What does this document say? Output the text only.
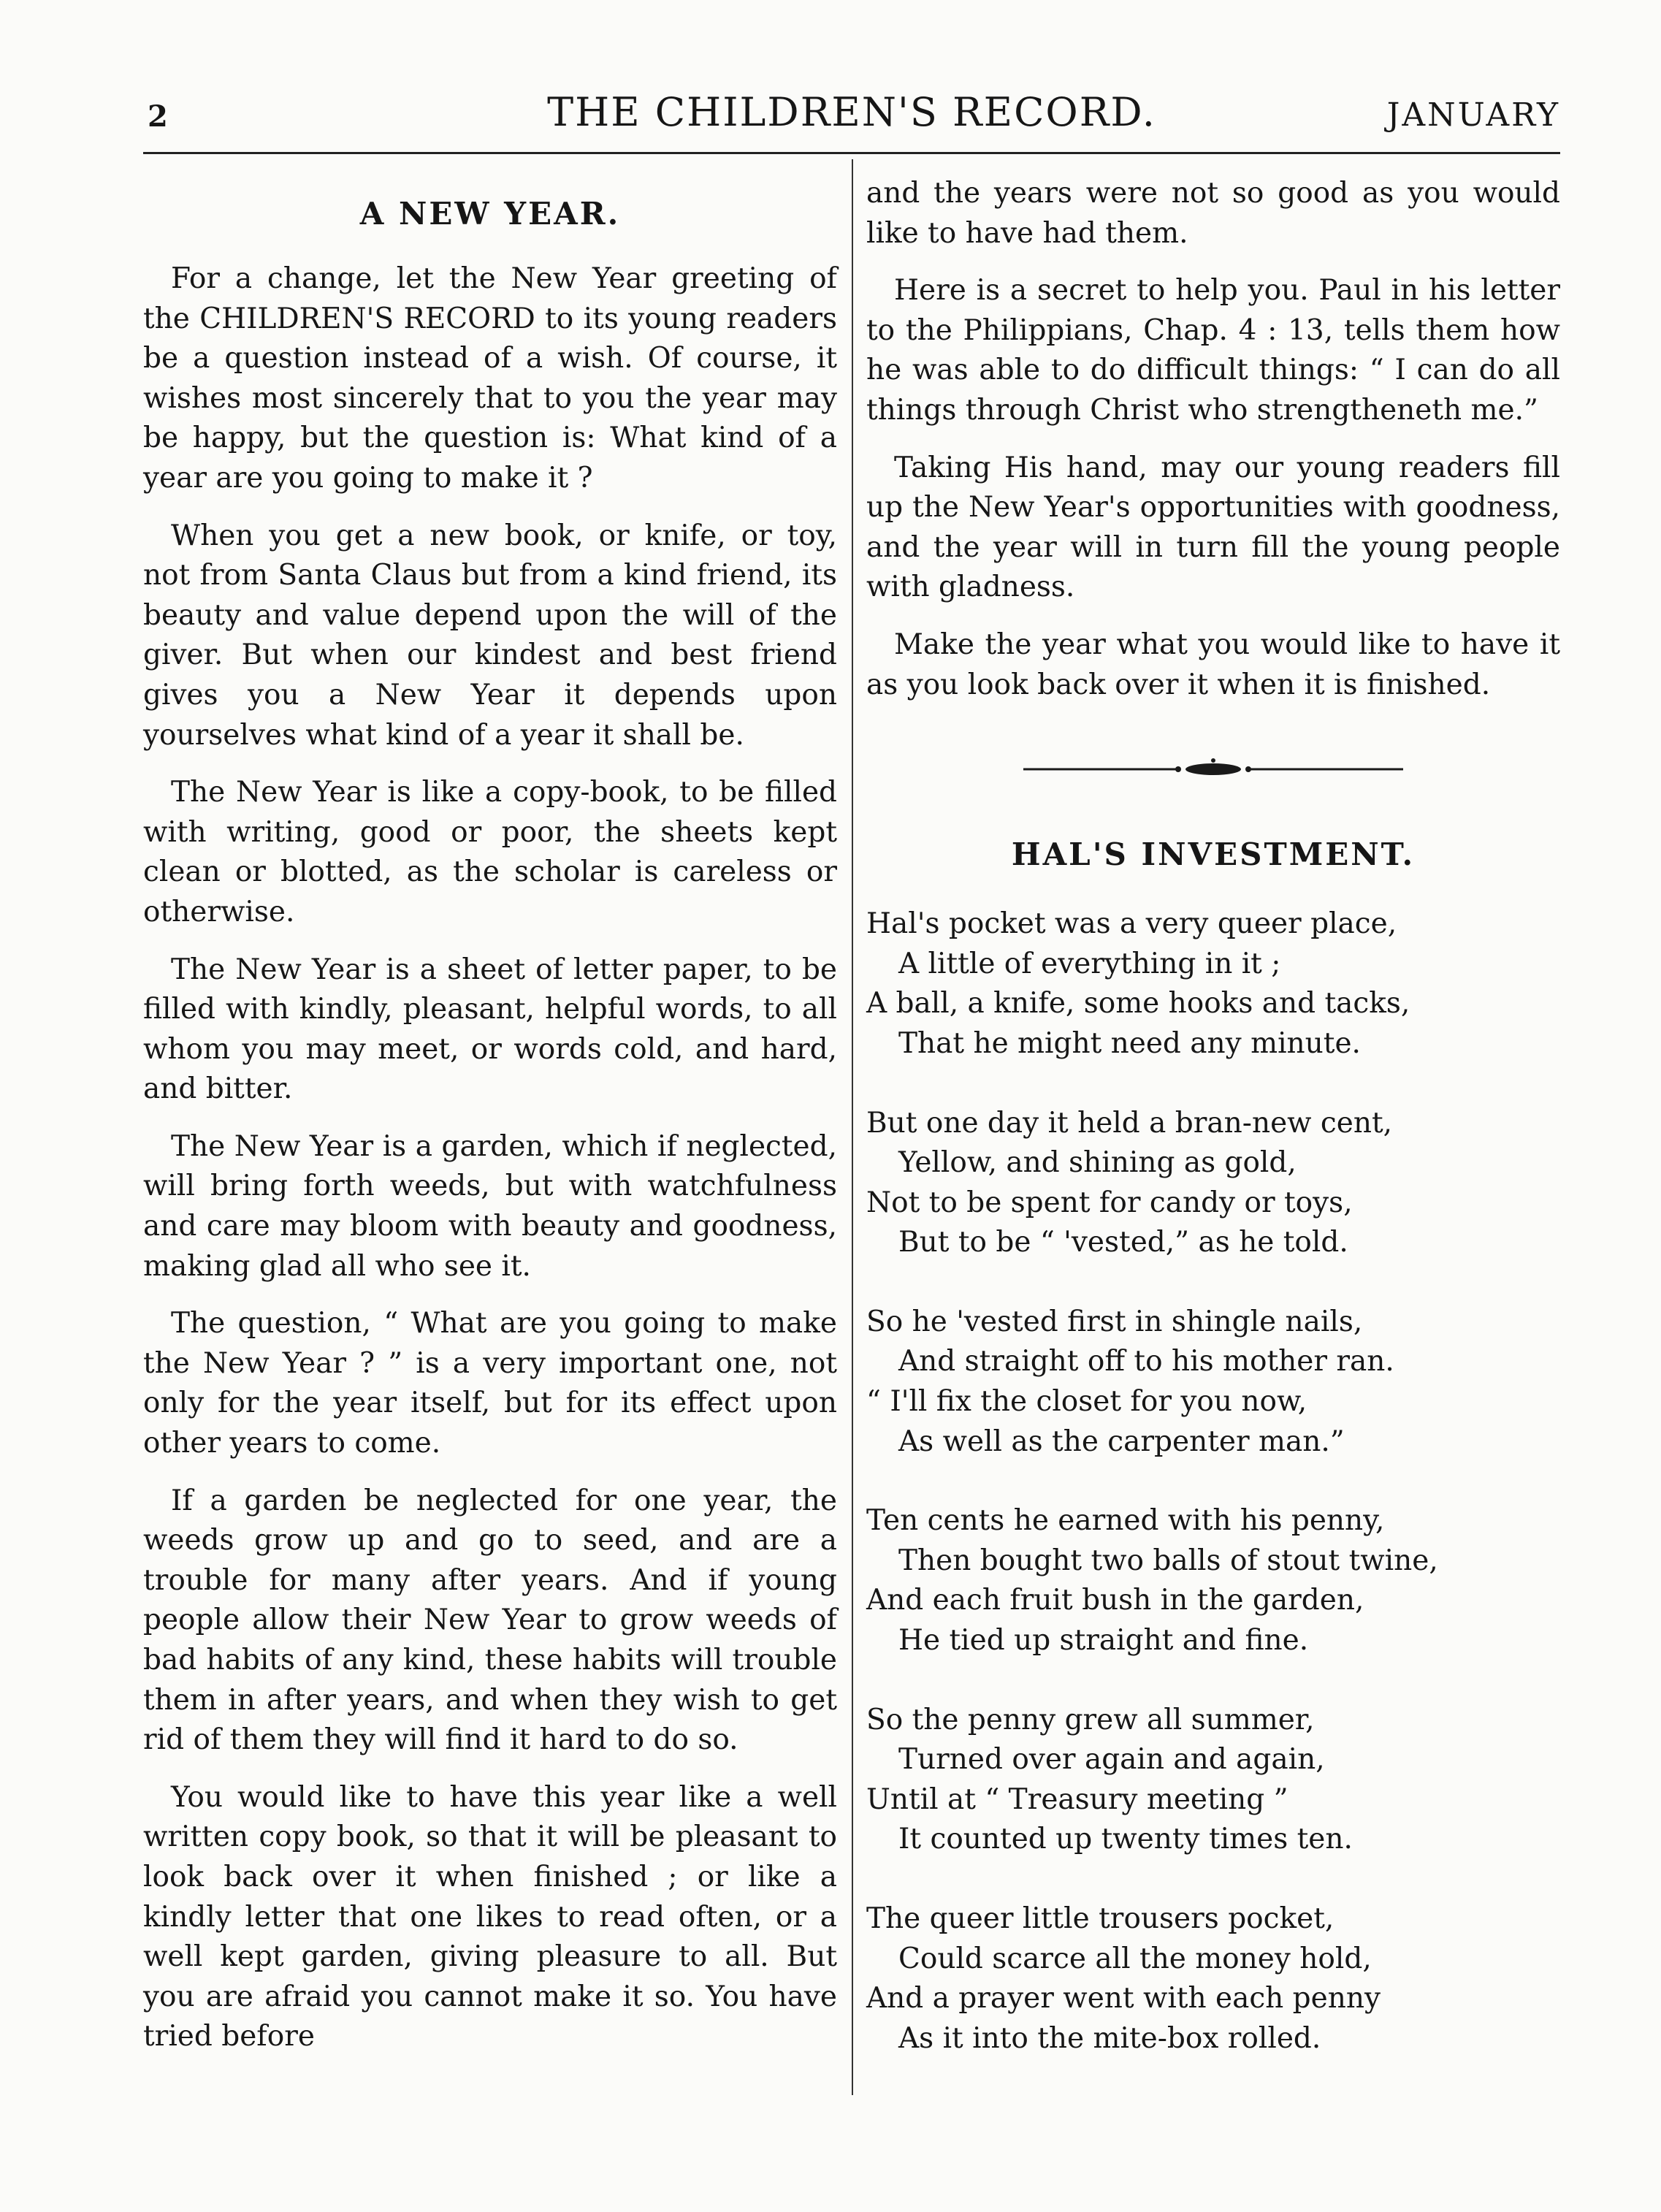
2	THE CHILDREN'S RECORD.	JANUARY
A NEW YEAR.

For a change, let the New Year greeting of the CHILDREN'S RECORD to its young readers be a question instead of a wish. Of course, it wishes most sincerely that to you the year may be happy, but the question is: What kind of a year are you going to make it ?

When you get a new book, or knife, or toy, not from Santa Claus but from a kind friend, its beauty and value depend upon the will of the giver. But when our kindest and best friend gives you a New Year it depends upon yourselves what kind of a year it shall be.

The New Year is like a copy-book, to be filled with writing, good or poor, the sheets kept clean or blotted, as the scholar is careless or otherwise.

The New Year is a sheet of letter paper, to be filled with kindly, pleasant, helpful words, to all whom you may meet, or words cold, and hard, and bitter.

The New Year is a garden, which if neglected, will bring forth weeds, but with watchfulness and care may bloom with beauty and goodness, making glad all who see it.

The question, “ What are you going to make the New Year ? ” is a very important one, not only for the year itself, but for its effect upon other years to come.

If a garden be neglected for one year, the weeds grow up and go to seed, and are a trouble for many after years. And if young people allow their New Year to grow weeds of bad habits of any kind, these habits will trouble them in after years, and when they wish to get rid of them they will find it hard to do so.

You would like to have this year like a well written copy book, so that it will be pleasant to look back over it when finished ; or like a kindly letter that one likes to read often, or a well kept garden, giving pleasure to all. But you are afraid you cannot make it so. You have tried before

and the years were not so good as you would like to have had them.

Here is a secret to help you. Paul in his letter to the Philippians, Chap. 4 : 13, tells them how he was able to do difficult things: “ I can do all things through Christ who strengtheneth me.”

Taking His hand, may our young readers fill up the New Year's opportunities with goodness, and the year will in turn fill the young people with gladness.

Make the year what you would like to have it as you look back over it when it is finished.

HAL'S INVESTMENT.
Hal's pocket was a very queer place,
A little of everything in it ;
A ball, a knife, some hooks and tacks,
That he might need any minute.
But one day it held a bran-new cent,
Yellow, and shining as gold,
Not to be spent for candy or toys,
But to be “ 'vested,” as he told.
So he 'vested first in shingle nails,
And straight off to his mother ran.
“ I'll fix the closet for you now,
As well as the carpenter man.”
Ten cents he earned with his penny,
Then bought two balls of stout twine,
And each fruit bush in the garden,
He tied up straight and fine.
So the penny grew all summer,
Turned over again and again,
Until at “ Treasury meeting ”
It counted up twenty times ten.
The queer little trousers pocket,
Could scarce all the money hold,
And a prayer went with each penny
As it into the mite-box rolled.
